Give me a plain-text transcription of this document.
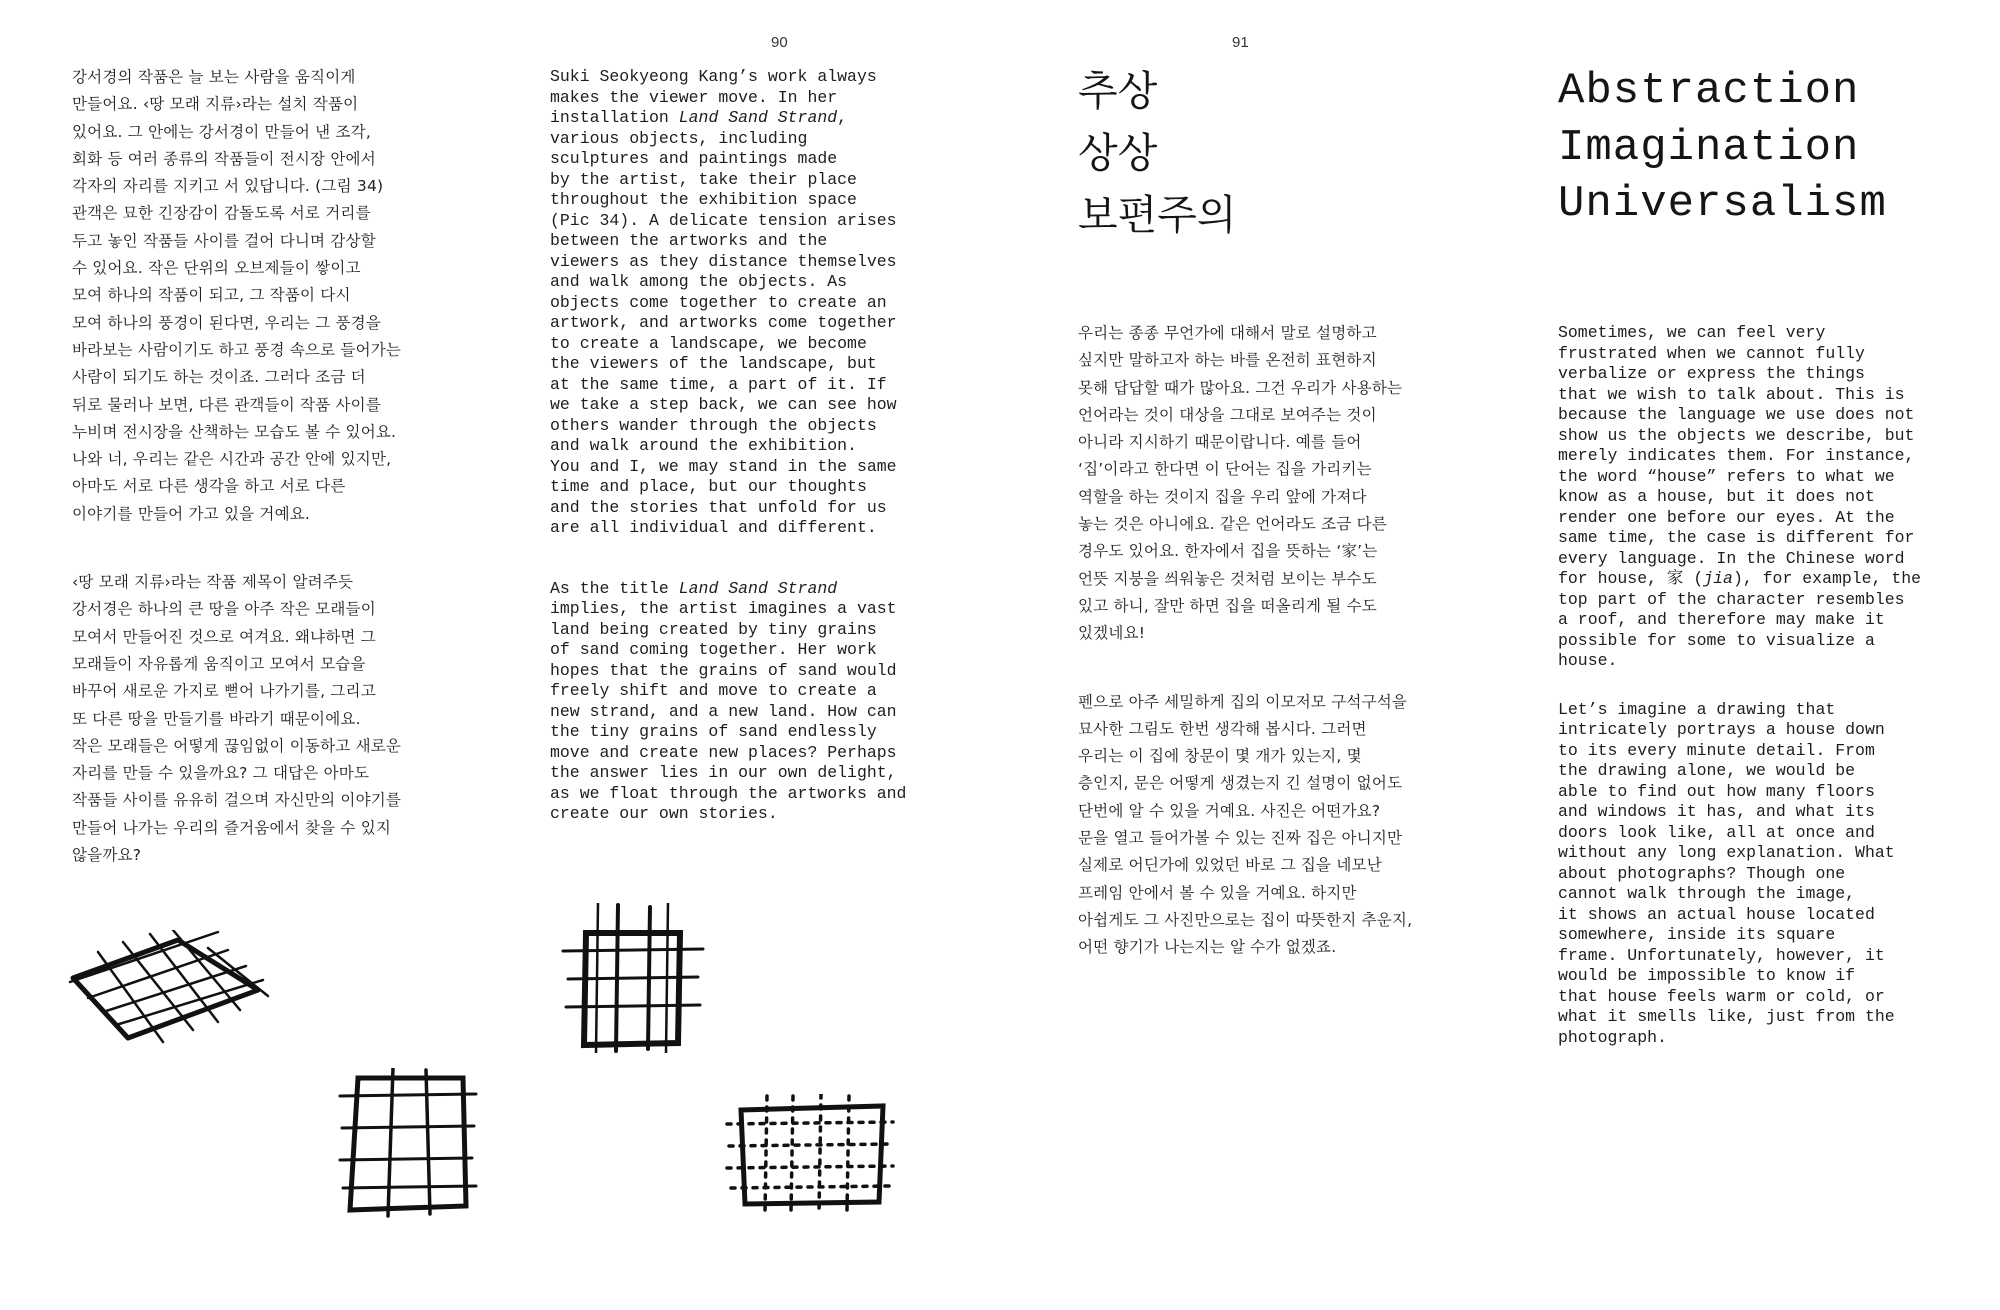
90	91

강서경의 작품은 늘 보는 사람을 움직이게
만들어요. ‹땅 모래 지류›라는 설치 작품이
있어요. 그 안에는 강서경이 만들어 낸 조각,
회화 등 여러 종류의 작품들이 전시장 안에서
각자의 자리를 지키고 서 있답니다. (그림 34)
관객은 묘한 긴장감이 감돌도록 서로 거리를
두고 놓인 작품들 사이를 걸어 다니며 감상할
수 있어요. 작은 단위의 오브제들이 쌓이고
모여 하나의 작품이 되고, 그 작품이 다시
모여 하나의 풍경이 된다면, 우리는 그 풍경을
바라보는 사람이기도 하고 풍경 속으로 들어가는
사람이 되기도 하는 것이죠. 그러다 조금 더
뒤로 물러나 보면, 다른 관객들이 작품 사이를
누비며 전시장을 산책하는 모습도 볼 수 있어요.
나와 너, 우리는 같은 시간과 공간 안에 있지만,
아마도 서로 다른 생각을 하고 서로 다른
이야기를 만들어 가고 있을 거예요.

‹땅 모래 지류›라는 작품 제목이 알려주듯
강서경은 하나의 큰 땅을 아주 작은 모래들이
모여서 만들어진 것으로 여겨요. 왜냐하면 그
모래들이 자유롭게 움직이고 모여서 모습을
바꾸어 새로운 가지로 뻗어 나가기를, 그리고
또 다른 땅을 만들기를 바라기 때문이에요.
작은 모래들은 어떻게 끊임없이 이동하고 새로운
자리를 만들 수 있을까요? 그 대답은 아마도
작품들 사이를 유유히 걸으며 자신만의 이야기를
만들어 나가는 우리의 즐거움에서 찾을 수 있지
않을까요?

Suki Seokyeong Kang’s work always
makes the viewer move. In her
installation Land Sand Strand,
various objects, including
sculptures and paintings made
by the artist, take their place
throughout the exhibition space
(Pic 34). A delicate tension arises
between the artworks and the
viewers as they distance themselves
and walk among the objects. As
objects come together to create an
artwork, and artworks come together
to create a landscape, we become
the viewers of the landscape, but
at the same time, a part of it. If
we take a step back, we can see how
others wander through the objects
and walk around the exhibition.
You and I, we may stand in the same
time and place, but our thoughts
and the stories that unfold for us
are all individual and different.

As the title Land Sand Strand
implies, the artist imagines a vast
land being created by tiny grains
of sand coming together. Her work
hopes that the grains of sand would
freely shift and move to create a
new strand, and a new land. How can
the tiny grains of sand endlessly
move and create new places? Perhaps
the answer lies in our own delight,
as we float through the artworks and
create our own stories.

추상

상상

보편주의

Abstraction

Imagination

Universalism

우리는 종종 무언가에 대해서 말로 설명하고
싶지만 말하고자 하는 바를 온전히 표현하지
못해 답답할 때가 많아요. 그건 우리가 사용하는
언어라는 것이 대상을 그대로 보여주는 것이
아니라 지시하기 때문이랍니다. 예를 들어
‘집’이라고 한다면 이 단어는 집을 가리키는
역할을 하는 것이지 집을 우리 앞에 가져다
놓는 것은 아니에요. 같은 언어라도 조금 다른
경우도 있어요. 한자에서 집을 뜻하는 ‘家’는
언뜻 지붕을 씌워놓은 것처럼 보이는 부수도
있고 하니, 잘만 하면 집을 떠올리게 될 수도
있겠네요!

펜으로 아주 세밀하게 집의 이모저모 구석구석을
묘사한 그림도 한번 생각해 봅시다. 그러면
우리는 이 집에 창문이 몇 개가 있는지, 몇
층인지, 문은 어떻게 생겼는지 긴 설명이 없어도
단번에 알 수 있을 거예요. 사진은 어떤가요?
문을 열고 들어가볼 수 있는 진짜 집은 아니지만
실제로 어딘가에 있었던 바로 그 집을 네모난
프레임 안에서 볼 수 있을 거예요. 하지만
아쉽게도 그 사진만으로는 집이 따뜻한지 추운지,
어떤 향기가 나는지는 알 수가 없겠죠.

Sometimes, we can feel very
frustrated when we cannot fully
verbalize or express the things
that we wish to talk about. This is
because the language we use does not
show us the objects we describe, but
merely indicates them. For instance,
the word “house” refers to what we
know as a house, but it does not
render one before our eyes. At the
same time, the case is different for
every language. In the Chinese word
for house, 家 (jia), for example, the
top part of the character resembles
a roof, and therefore may make it
possible for some to visualize a
house.

Let’s imagine a drawing that
intricately portrays a house down
to its every minute detail. From
the drawing alone, we would be
able to find out how many floors
and windows it has, and what its
doors look like, all at once and
without any long explanation. What
about photographs? Though one
cannot walk through the image,
it shows an actual house located
somewhere, inside its square
frame. Unfortunately, however, it
would be impossible to know if
that house feels warm or cold, or
what it smells like, just from the
photograph.
